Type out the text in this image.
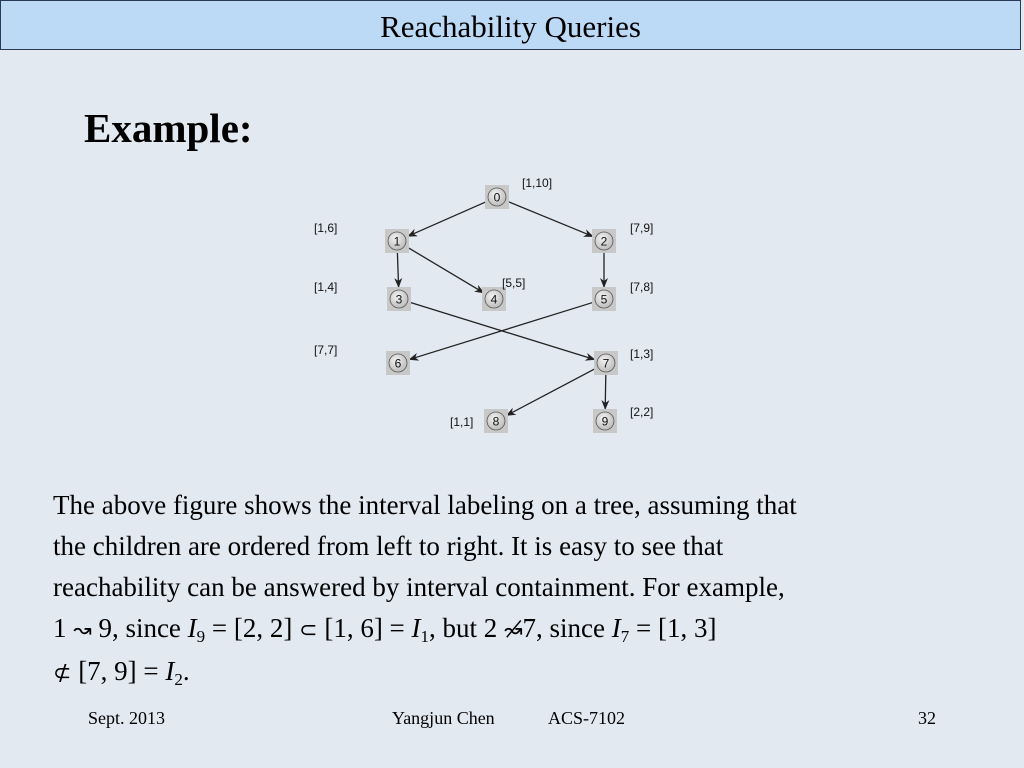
Reachability Queries
Example:
0
1	2
3	4	5
6	7
8	9
[1,10]
[1,6]	[7,9]
[1,4]	[5,5]	[7,8]
[7,7]	[1,3]
[1,1]
[2,2]
The above figure shows the interval labeling on a tree, assuming that
the children are ordered from left to right. It is easy to see that
reachability can be answered by interval containment. For example,
1 ↝ 9, since $I_9 = [2$, 2] ⊂ [1, $6] = I_1$, but 2 ↝̸7, since $I_7 = [1$, 3]
⊄ [7, $9] = I_2$.
Sept. 2013	Yangjun Chen	ACS-7102	32
